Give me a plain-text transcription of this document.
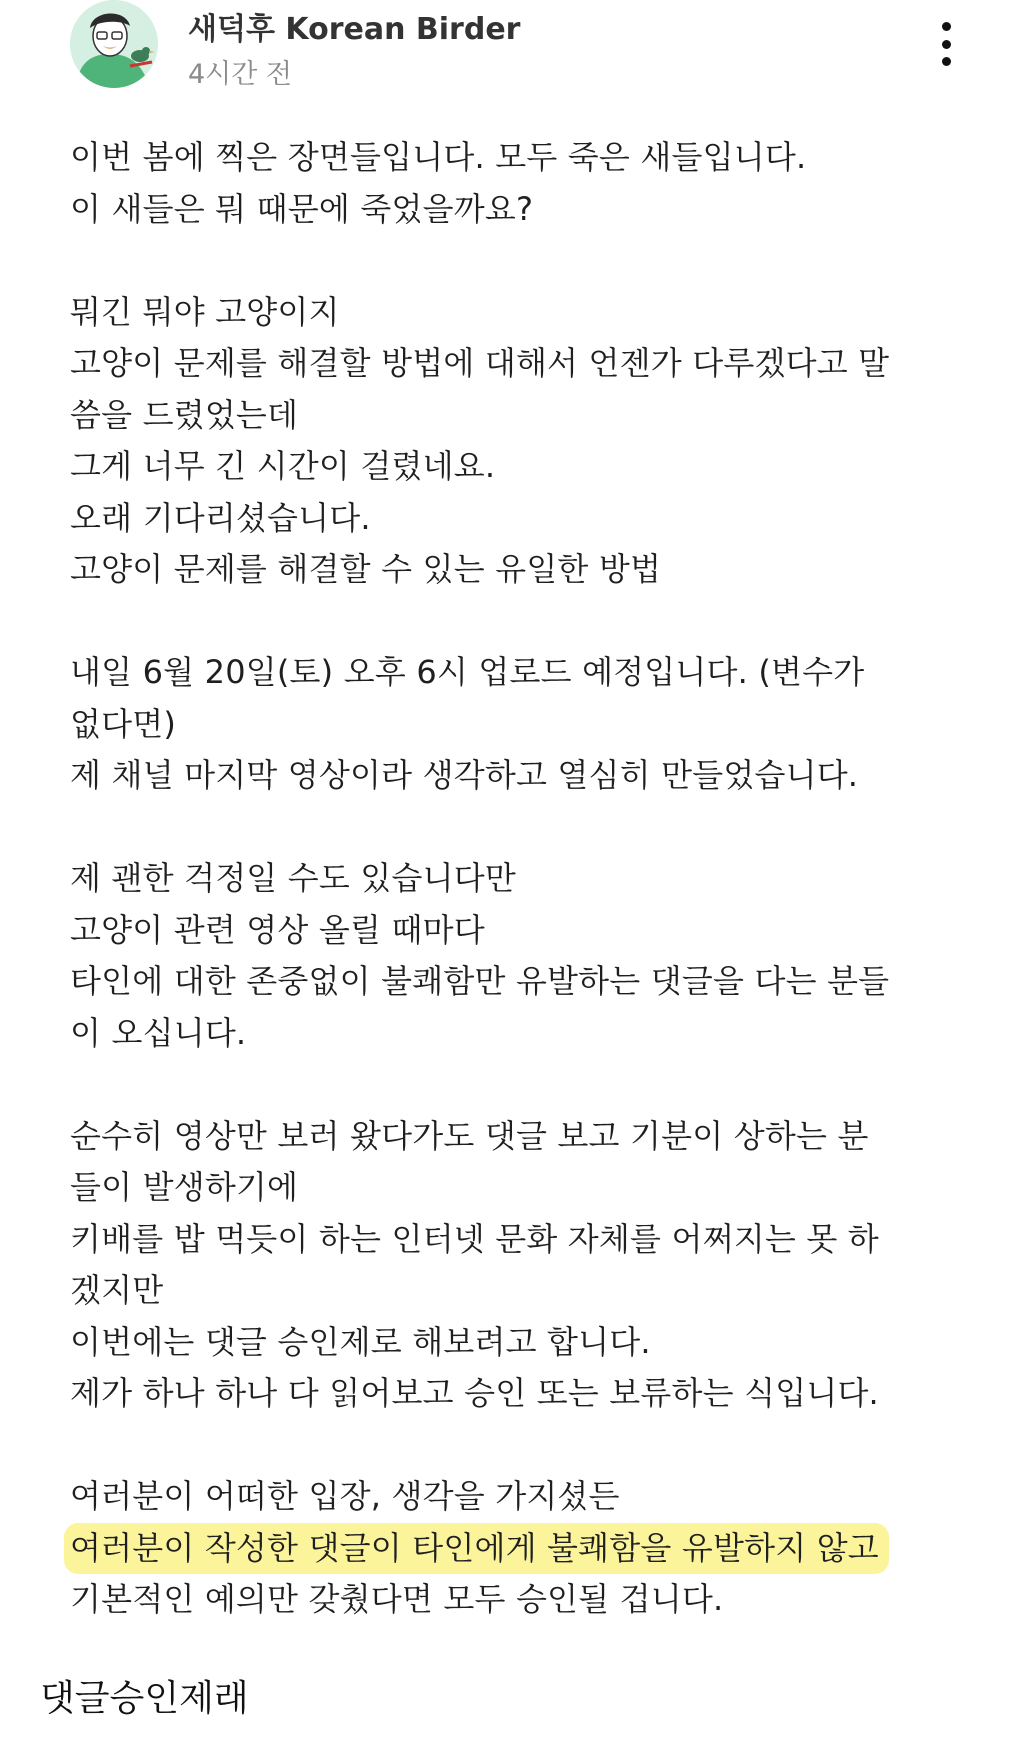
새덕후 Korean Birder
4시간 전
이번 봄에 찍은 장면들입니다. 모두 죽은 새들입니다.
이 새들은 뭐 때문에 죽었을까요?
뭐긴 뭐야 고양이지
고양이 문제를 해결할 방법에 대해서 언젠가 다루겠다고 말
씀을 드렸었는데
그게 너무 긴 시간이 걸렸네요.
오래 기다리셨습니다.
고양이 문제를 해결할 수 있는 유일한 방법
내일 6월 20일(토) 오후 6시 업로드 예정입니다. (변수가
없다면)
제 채널 마지막 영상이라 생각하고 열심히 만들었습니다.
제 괜한 걱정일 수도 있습니다만
고양이 관련 영상 올릴 때마다
타인에 대한 존중없이 불쾌함만 유발하는 댓글을 다는 분들
이 오십니다.
순수히 영상만 보러 왔다가도 댓글 보고 기분이 상하는 분
들이 발생하기에
키배를 밥 먹듯이 하는 인터넷 문화 자체를 어쩌지는 못 하
겠지만
이번에는 댓글 승인제로 해보려고 합니다.
제가 하나 하나 다 읽어보고 승인 또는 보류하는 식입니다.
여러분이 어떠한 입장, 생각을 가지셨든
여러분이 작성한 댓글이 타인에게 불쾌함을 유발하지 않고
기본적인 예의만 갖췄다면 모두 승인될 겁니다.
댓글승인제래
